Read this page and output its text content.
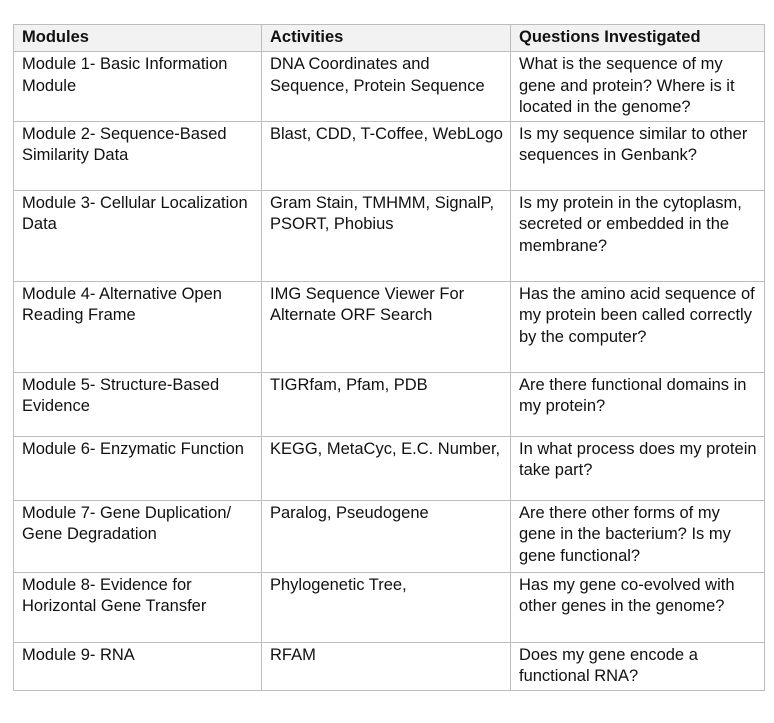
Modules	Activities	Questions Investigated
Module 1- Basic Information Module	DNA Coordinates and Sequence, Protein Sequence	What is the sequence of my gene and protein? Where is it located in the genome?
Module 2- Sequence-Based Similarity Data	Blast, CDD, T-Coffee, WebLogo	Is my sequence similar to other sequences in Genbank?
Module 3- Cellular Localization Data	Gram Stain, TMHMM, SignalP, PSORT, Phobius	Is my protein in the cytoplasm, secreted or embedded in the membrane?
Module 4- Alternative Open Reading Frame	IMG Sequence Viewer For Alternate ORF Search	Has the amino acid sequence of my protein been called correctly by the computer?
Module 5- Structure-Based Evidence	TIGRfam, Pfam, PDB	Are there functional domains in my protein?
Module 6- Enzymatic Function	KEGG, MetaCyc, E.C. Number,	In what process does my protein take part?
Module 7- Gene Duplication/ Gene Degradation	Paralog, Pseudogene	Are there other forms of my gene in the bacterium? Is my gene functional?
Module 8- Evidence for Horizontal Gene Transfer	Phylogenetic Tree,	Has my gene co-evolved with other genes in the genome?
Module 9- RNA	RFAM	Does my gene encode a functional RNA?
